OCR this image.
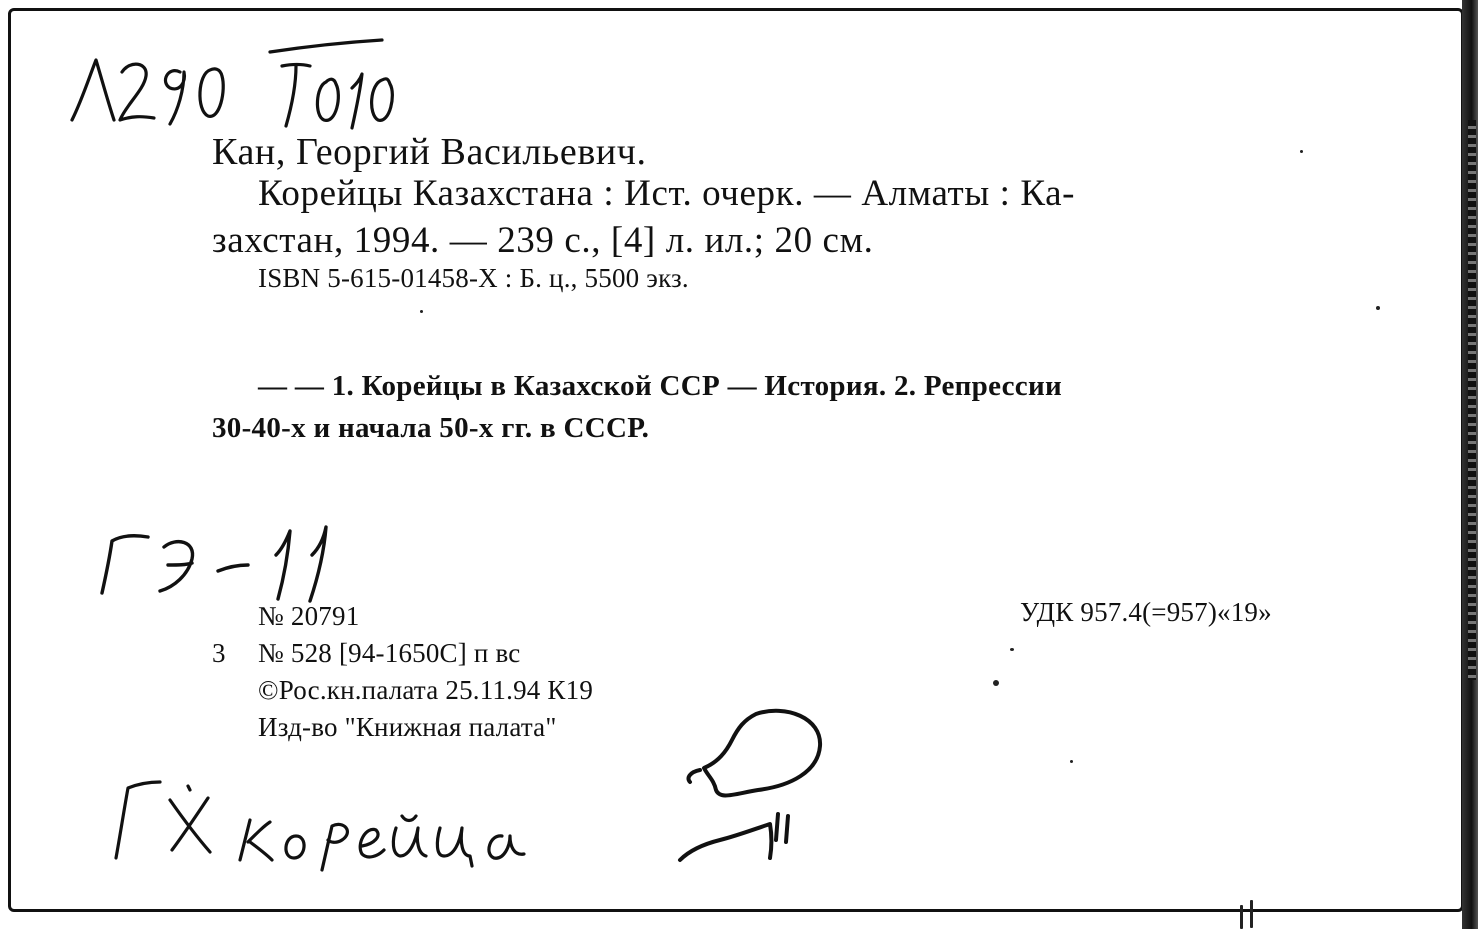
Кан, Георгий Васильевич.
Корейцы Казахстана : Ист. очерк. — Алматы : Ка-
захстан, 1994. — 239 с., [4] л. ил.; 20 см.
ISBN 5-615-01458-X : Б. ц., 5500 экз.
— — 1. Корейцы в Казахской ССР — История. 2. Репрессии
30-40-х и начала 50-х гг. в СССР.
№ 20791	УДК 957.4(=957)«19»
3 № 528 [94-1650С] п вс
©Рос.кн.палата 25.11.94 К19
Изд-во "Книжная палата"
